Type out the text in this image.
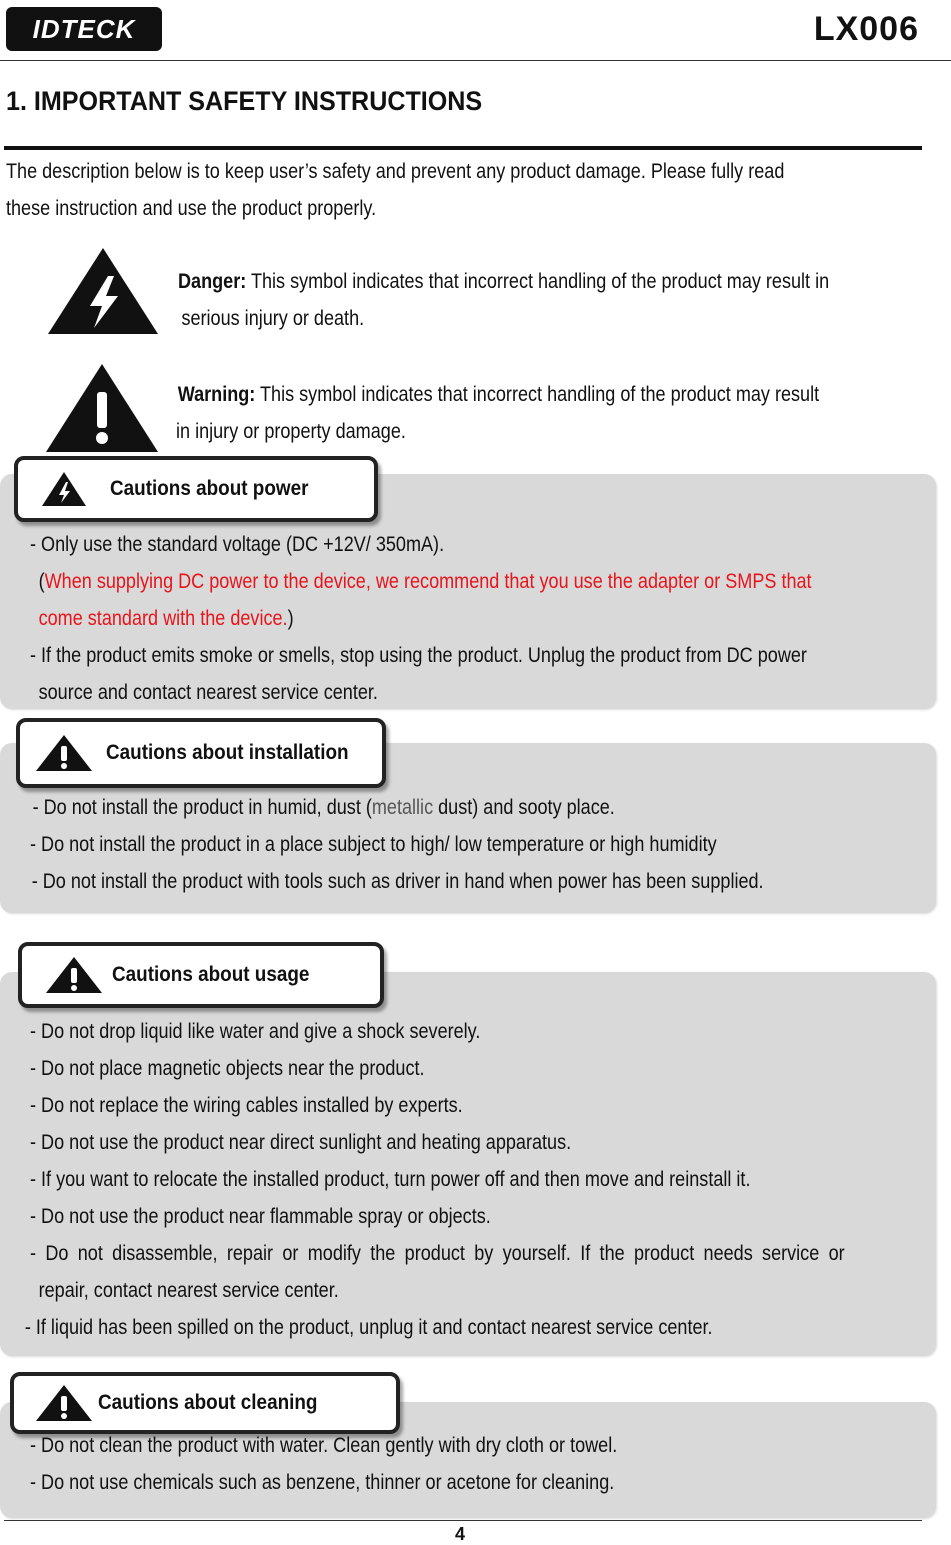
IDTECK	LX006
1. IMPORTANT SAFETY INSTRUCTIONS
The description below is to keep user’s safety and prevent any product damage. Please fully read
these instruction and use the product properly.
Danger: This symbol indicates that incorrect handling of the product may result in
serious injury or death.
Warning: This symbol indicates that incorrect handling of the product may result
in injury or property damage.
Cautions about power
- Only use the standard voltage (DC +12V/ 350mA).
(When supplying DC power to the device, we recommend that you use the adapter or SMPS that
come standard with the device.)
- If the product emits smoke or smells, stop using the product. Unplug the product from DC power
source and contact nearest service center.
Cautions about installation
- Do not install the product in humid, dust (metallic dust) and sooty place.
- Do not install the product in a place subject to high/ low temperature or high humidity
- Do not install the product with tools such as driver in hand when power has been supplied.
Cautions about usage
- Do not drop liquid like water and give a shock severely.
- Do not place magnetic objects near the product.
- Do not replace the wiring cables installed by experts.
- Do not use the product near direct sunlight and heating apparatus.
- If you want to relocate the installed product, turn power off and then move and reinstall it.
- Do not use the product near flammable spray or objects.
- Do not disassemble, repair or modify the product by yourself. If the product needs service or
repair, contact nearest service center.
- If liquid has been spilled on the product, unplug it and contact nearest service center.
Cautions about cleaning
- Do not clean the product with water. Clean gently with dry cloth or towel.
- Do not use chemicals such as benzene, thinner or acetone for cleaning.
4
